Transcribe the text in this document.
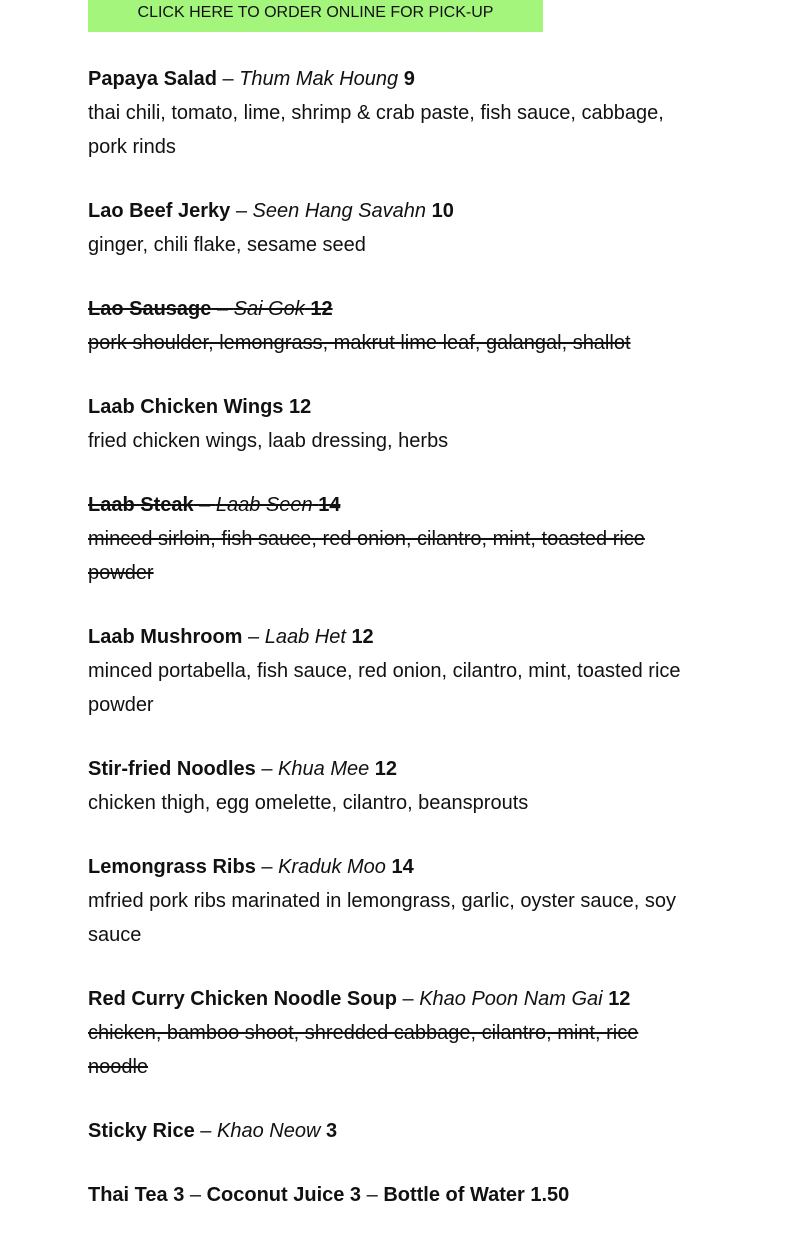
CLICK HERE TO ORDER ONLINE FOR PICK-UP
Papaya Salad – Thum Mak Houng 9
thai chili, tomato, lime, shrimp & crab paste, fish sauce, cabbage, pork rinds
Lao Beef Jerky – Seen Hang Savahn 10
ginger, chili flake, sesame seed
Lao Sausage – Sai Gok 12
pork shoulder, lemongrass, makrut lime leaf, galangal, shallot
Laab Chicken Wings 12
fried chicken wings, laab dressing, herbs
Laab Steak – Laab Seen 14
minced sirloin, fish sauce, red onion, cilantro, mint, toasted rice powder
Laab Mushroom – Laab Het 12
minced portabella, fish sauce, red onion, cilantro, mint, toasted rice powder
Stir-fried Noodles – Khua Mee 12
chicken thigh, egg omelette, cilantro, beansprouts
Lemongrass Ribs – Kraduk Moo 14
mfried pork ribs marinated in lemongrass, garlic, oyster sauce, soy sauce
Red Curry Chicken Noodle Soup – Khao Poon Nam Gai 12
chicken, bamboo shoot, shredded cabbage, cilantro, mint, rice noodle
Sticky Rice – Khao Neow 3
Thai Tea 3 – Coconut Juice 3 – Bottle of Water 1.50
